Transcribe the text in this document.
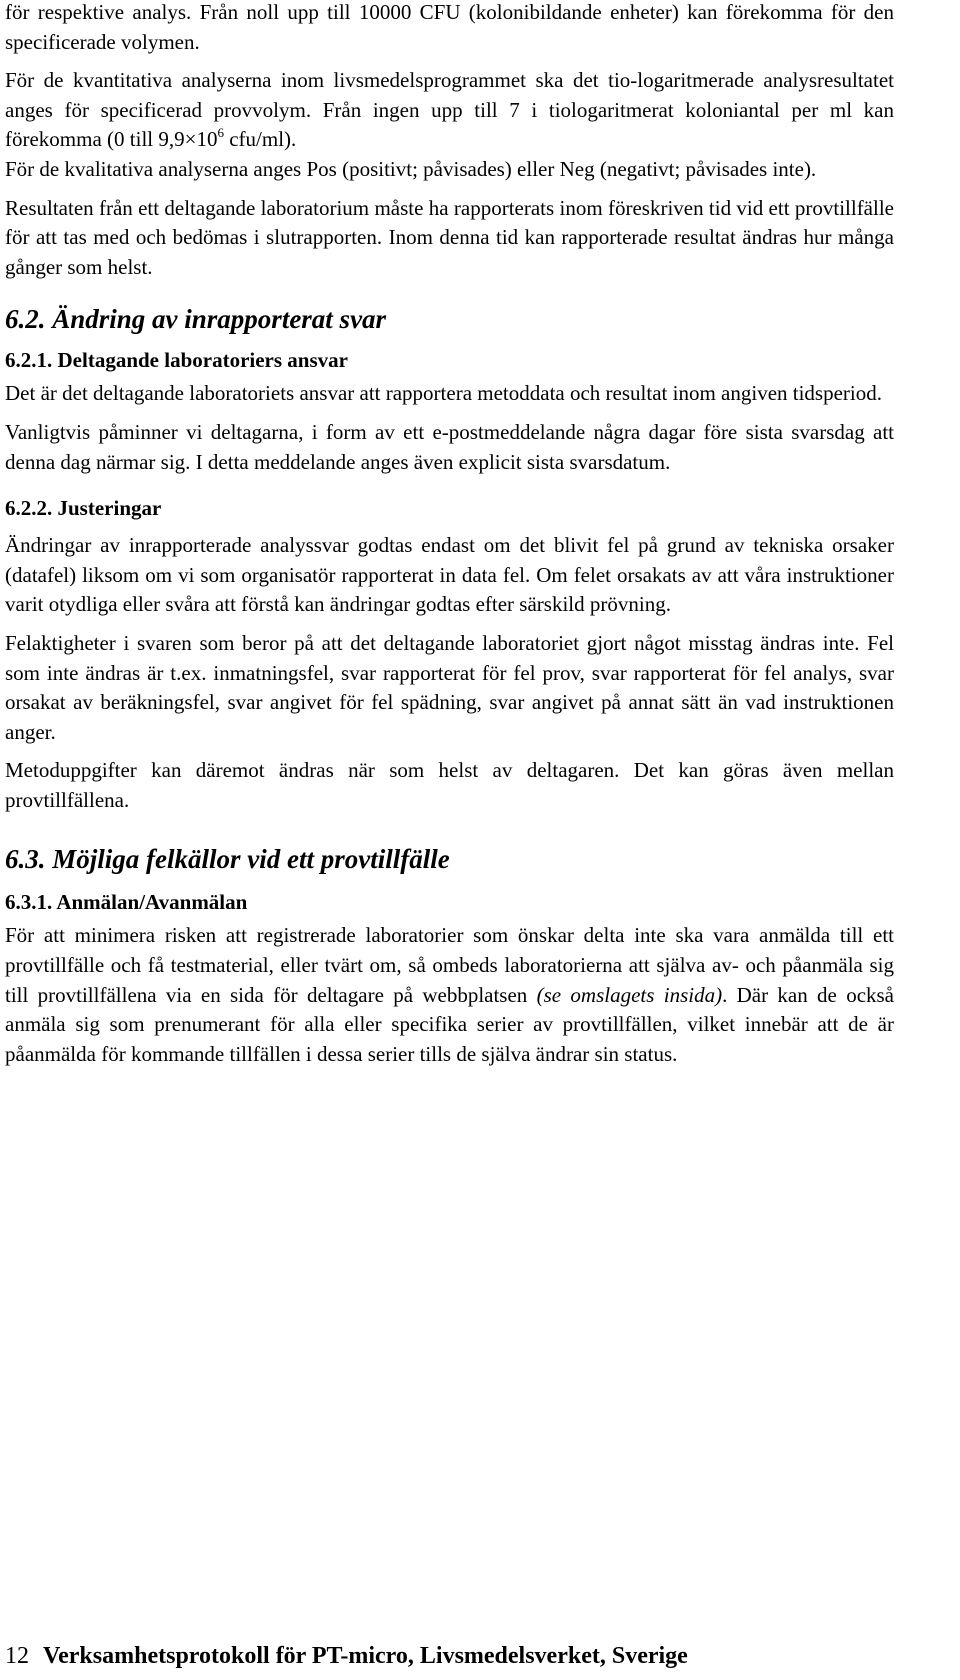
för respektive analys. Från noll upp till 10000 CFU (kolonibildande enheter) kan förekomma för den specificerade volymen.

För de kvantitativa analyserna inom livsmedelsprogrammet ska det tio-logaritmerade analysresultatet anges för specificerad provvolym. Från ingen upp till 7 i tiologaritmerat koloniantal per ml kan förekomma (0 till $9,9\times 10^6$ cfu/ml).

För de kvalitativa analyserna anges Pos (positivt; påvisades) eller Neg (negativt; påvisades inte).

Resultaten från ett deltagande laboratorium måste ha rapporterats inom föreskriven tid vid ett provtillfälle för att tas med och bedömas i slutrapporten. Inom denna tid kan rapporterade resultat ändras hur många gånger som helst.

6.2. Ändring av inrapporterat svar
6.2.1. Deltagande laboratoriers ansvar

Det är det deltagande laboratoriets ansvar att rapportera metoddata och resultat inom angiven tidsperiod.

Vanligtvis påminner vi deltagarna, i form av ett e-postmeddelande några dagar före sista svarsdag att denna dag närmar sig. I detta meddelande anges även explicit sista svarsdatum.

6.2.2. Justeringar

Ändringar av inrapporterade analyssvar godtas endast om det blivit fel på grund av tekniska orsaker (datafel) liksom om vi som organisatör rapporterat in data fel. Om felet orsakats av att våra instruktioner varit otydliga eller svåra att förstå kan ändringar godtas efter särskild prövning.

Felaktigheter i svaren som beror på att det deltagande laboratoriet gjort något misstag ändras inte. Fel som inte ändras är t.ex. inmatningsfel, svar rapporterat för fel prov, svar rapporterat för fel analys, svar orsakat av beräkningsfel, svar angivet för fel spädning, svar angivet på annat sätt än vad instruktionen anger.

Metoduppgifter kan däremot ändras när som helst av deltagaren. Det kan göras även mellan provtillfällena.

6.3. Möjliga felkällor vid ett provtillfälle
6.3.1. Anmälan/Avanmälan

För att minimera risken att registrerade laboratorier som önskar delta inte ska vara anmälda till ett provtillfälle och få testmaterial, eller tvärt om, så ombeds laboratorierna att själva av- och påanmäla sig till provtillfällena via en sida för deltagare på webbplatsen (se omslagets insida). Där kan de också anmäla sig som prenumerant för alla eller specifika serier av provtillfällen, vilket innebär att de är påanmälda för kommande tillfällen i dessa serier tills de själva ändrar sin status.

12 Verksamhetsprotokoll för PT-micro, Livsmedelsverket, Sverige
